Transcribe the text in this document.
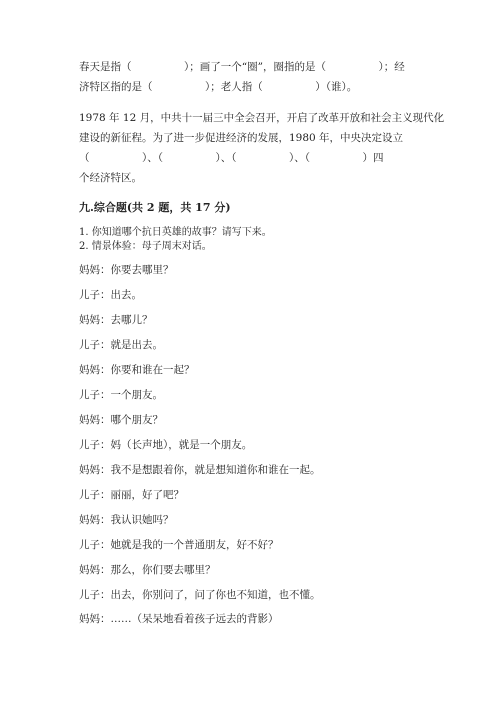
春天是指（　　　　　）；画了一个“圈”，圈指的是（　　　　　）；经
济特区指的是（　　　　　）；老人指（　　　　　）（谁）。
1978 年 12 月，中共十一届三中全会召开，开启了改革开放和社会主义现代化
建设的新征程。为了进一步促进经济的发展，1980 年，中央决定设立
（　　　　　）、（　　　　　）、（　　　　　）、（　　　　　）四
个经济特区。
九.综合题(共 2 题，共 17 分)
1. 你知道哪个抗日英雄的故事？请写下来。
2. 情景体验：母子周末对话。
妈妈：你要去哪里？
儿子：出去。
妈妈：去哪儿？
儿子：就是出去。
妈妈：你要和谁在一起？
儿子：一个朋友。
妈妈：哪个朋友？
儿子：妈（长声地），就是一个朋友。
妈妈：我不是想跟着你，就是想知道你和谁在一起。
儿子：丽丽，好了吧？
妈妈：我认识她吗？
儿子：她就是我的一个普通朋友，好不好？
妈妈：那么，你们要去哪里？
儿子：出去，你别问了，问了你也不知道，也不懂。
妈妈：……（呆呆地看着孩子远去的背影）
